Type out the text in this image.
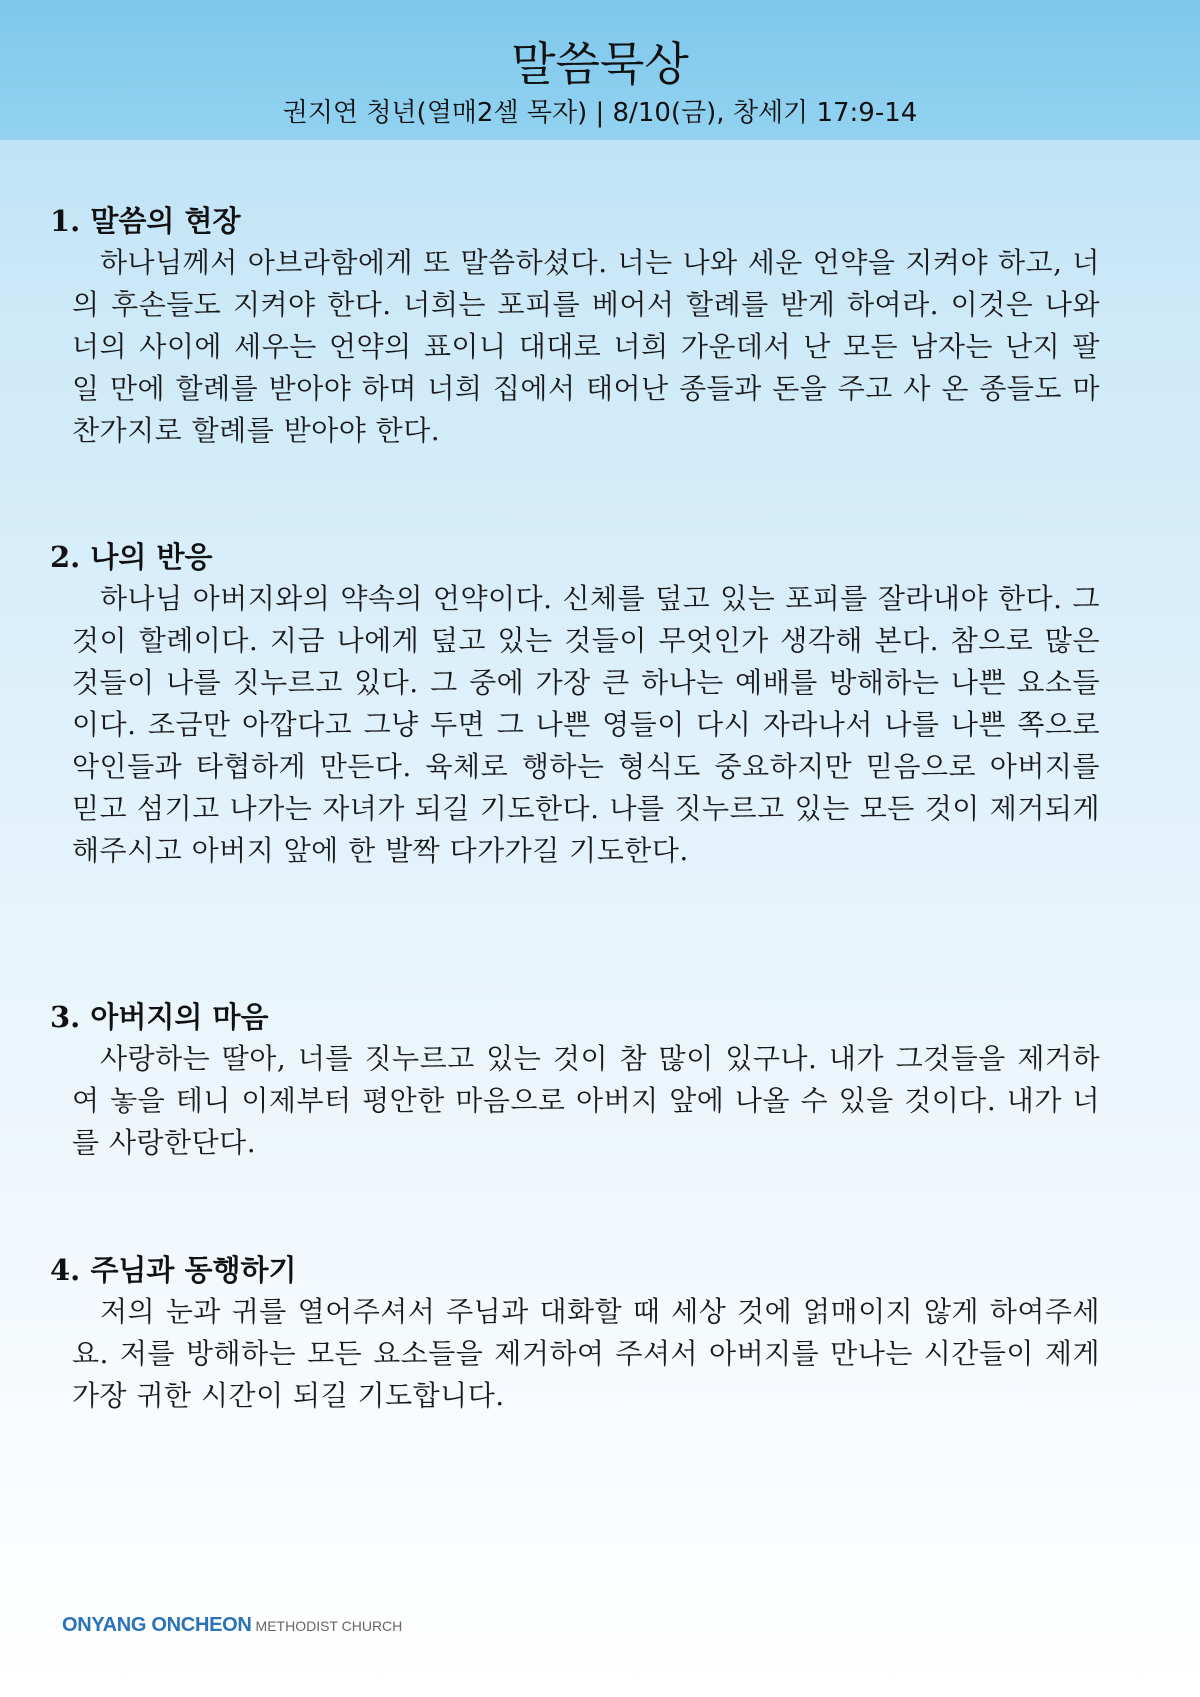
말씀묵상
권지연 청년(열매2셀 목자) | 8/10(금), 창세기 17:9-14

1. 말씀의 현장

하나님께서 아브라함에게 또 말씀하셨다. 너는 나와 세운 언약을 지켜야 하고, 너의 후손들도 지켜야 한다. 너희는 포피를 베어서 할례를 받게 하여라. 이것은 나와 너의 사이에 세우는 언약의 표이니 대대로 너희 가운데서 난 모든 남자는 난지 팔 일 만에 할례를 받아야 하며 너희 집에서 태어난 종들과 돈을 주고 사 온 종들도 마찬가지로 할례를 받아야 한다.

2. 나의 반응

하나님 아버지와의 약속의 언약이다. 신체를 덮고 있는 포피를 잘라내야 한다. 그것이 할례이다. 지금 나에게 덮고 있는 것들이 무엇인가 생각해 본다. 참으로 많은 것들이 나를 짓누르고 있다. 그 중에 가장 큰 하나는 예배를 방해하는 나쁜 요소들이다. 조금만 아깝다고 그냥 두면 그 나쁜 영들이 다시 자라나서 나를 나쁜 쪽으로 악인들과 타협하게 만든다. 육체로 행하는 형식도 중요하지만 믿음으로 아버지를 믿고 섬기고 나가는 자녀가 되길 기도한다. 나를 짓누르고 있는 모든 것이 제거되게 해주시고 아버지 앞에 한 발짝 다가가길 기도한다.

3. 아버지의 마음

사랑하는 딸아, 너를 짓누르고 있는 것이 참 많이 있구나. 내가 그것들을 제거하여 놓을 테니 이제부터 평안한 마음으로 아버지 앞에 나올 수 있을 것이다. 내가 너를 사랑한단다.

4. 주님과 동행하기

저의 눈과 귀를 열어주셔서 주님과 대화할 때 세상 것에 얽매이지 않게 하여주세요. 저를 방해하는 모든 요소들을 제거하여 주셔서 아버지를 만나는 시간들이 제게 가장 귀한 시간이 되길 기도합니다.

ONYANG ONCHEON METHODIST CHURCH
